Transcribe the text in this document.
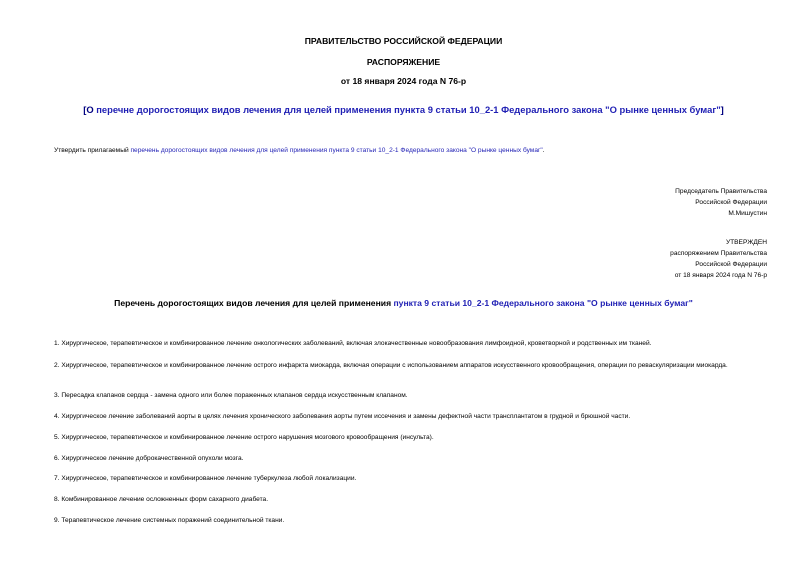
ПРАВИТЕЛЬСТВО РОССИЙСКОЙ ФЕДЕРАЦИИ
РАСПОРЯЖЕНИЕ
от 18 января 2024 года N 76-р
[О перечне дорогостоящих видов лечения для целей применения пункта 9 статьи 10_2-1 Федерального закона "О рынке ценных бумаг"]
Утвердить прилагаемый перечень дорогостоящих видов лечения для целей применения пункта 9 статьи 10_2-1 Федерального закона "О рынке ценных бумаг".
Председатель Правительства
Российской Федерации
М.Мишустин
УТВЕРЖДЕН
распоряжением Правительства
Российской Федерации
от 18 января 2024 года N 76-р
Перечень дорогостоящих видов лечения для целей применения пункта 9 статьи 10_2-1 Федерального закона "О рынке ценных бумаг"
1. Хирургическое, терапевтическое и комбинированное лечение онкологических заболеваний, включая злокачественные новообразования лимфоидной, кроветворной и родственных им тканей.
2. Хирургическое, терапевтическое и комбинированное лечение острого инфаркта миокарда, включая операции с использованием аппаратов искусственного кровообращения, операции по реваскуляризации миокарда.
3. Пересадка клапанов сердца - замена одного или более пораженных клапанов сердца искусственным клапаном.
4. Хирургическое лечение заболеваний аорты в целях лечения хронического заболевания аорты путем иссечения и замены дефектной части трансплантатом в грудной и брюшной части.
5. Хирургическое, терапевтическое и комбинированное лечение острого нарушения мозгового кровообращения (инсульта).
6. Хирургическое лечение доброкачественной опухоли мозга.
7. Хирургическое, терапевтическое и комбинированное лечение туберкулеза любой локализации.
8. Комбинированное лечение осложненных форм сахарного диабета.
9. Терапевтическое лечение системных поражений соединительной ткани.
